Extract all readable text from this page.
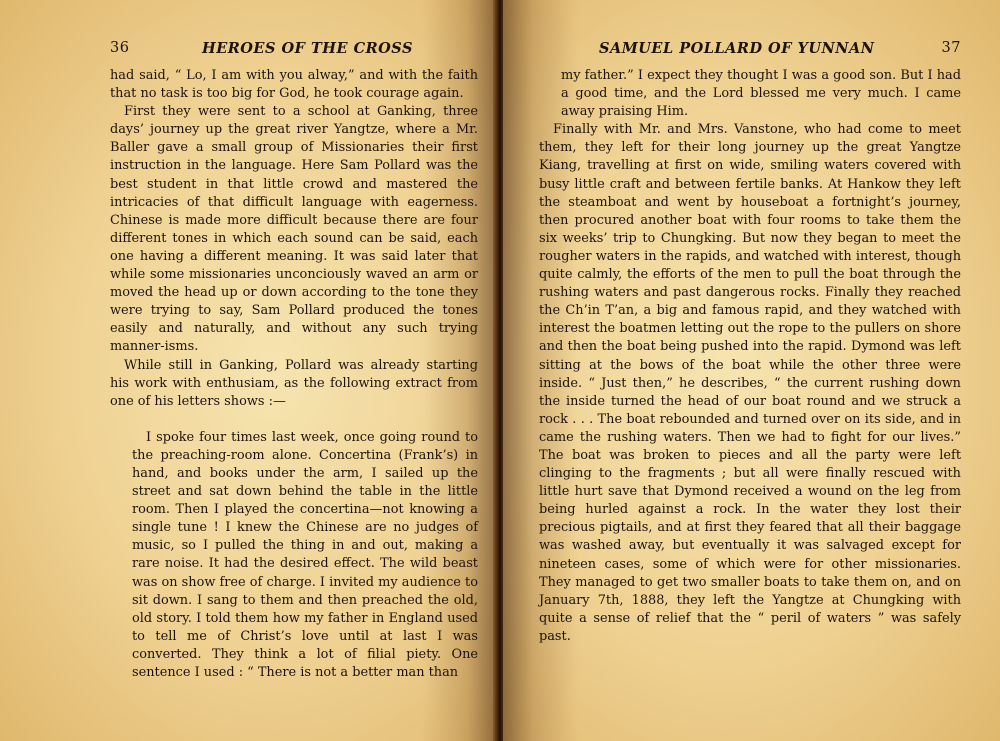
36	HEROES OF THE CROSS

had said, “ Lo, I am with you alway,” and with the faith that no task is too big for God, he took courage again.

First they were sent to a school at Ganking, three days’ journey up the great river Yangtze, where a Mr. Baller gave a small group of Missionaries their first instruction in the language. Here Sam Pollard was the best student in that little crowd and mastered the intricacies of that difficult language with eagerness. Chinese is made more difficult because there are four different tones in which each sound can be said, each one having a different meaning. It was said later that while some missionaries unconciously waved an arm or moved the head up or down according to the tone they were trying to say, Sam Pollard produced the tones easily and naturally, and without any such trying manner-isms.

While still in Ganking, Pollard was already starting his work with enthusiam, as the following extract from one of his letters shows :—

I spoke four times last week, once going round to the preaching-room alone. Concertina (Frank’s) in hand, and books under the arm, I sailed up the street and sat down behind the table in the little room. Then I played the concertina—not knowing a single tune ! I knew the Chinese are no judges of music, so I pulled the thing in and out, making a rare noise. It had the desired effect. The wild beast was on show free of charge. I invited my audience to sit down. I sang to them and then preached the old, old story. I told them how my father in England used to tell me of Christ’s love until at last I was converted. They think a lot of filial piety. One sentence I used : “ There is not a better man than

SAMUEL POLLARD OF YUNNAN	37

my father.” I expect they thought I was a good son. But I had a good time, and the Lord blessed me very much. I came away praising Him.

Finally with Mr. and Mrs. Vanstone, who had come to meet them, they left for their long journey up the great Yangtze Kiang, travelling at first on wide, smiling waters covered with busy little craft and between fertile banks. At Hankow they left the steamboat and went by houseboat a fortnight’s journey, then procured another boat with four rooms to take them the six weeks’ trip to Chungking. But now they began to meet the rougher waters in the rapids, and watched with interest, though quite calmly, the efforts of the men to pull the boat through the rushing waters and past dangerous rocks. Finally they reached the Ch’in T’an, a big and famous rapid, and they watched with interest the boatmen letting out the rope to the pullers on shore and then the boat being pushed into the rapid. Dymond was left sitting at the bows of the boat while the other three were inside. “ Just then,” he describes, “ the current rushing down the inside turned the head of our boat round and we struck a rock . . . The boat rebounded and turned over on its side, and in came the rushing waters. Then we had to fight for our lives.” The boat was broken to pieces and all the party were left clinging to the fragments ; but all were finally rescued with little hurt save that Dymond received a wound on the leg from being hurled against a rock. In the water they lost their precious pigtails, and at first they feared that all their baggage was washed away, but eventually it was salvaged except for nineteen cases, some of which were for other missionaries. They managed to get two smaller boats to take them on, and on January 7th, 1888, they left the Yangtze at Chungking with quite a sense of relief that the “ peril of waters ” was safely past.
